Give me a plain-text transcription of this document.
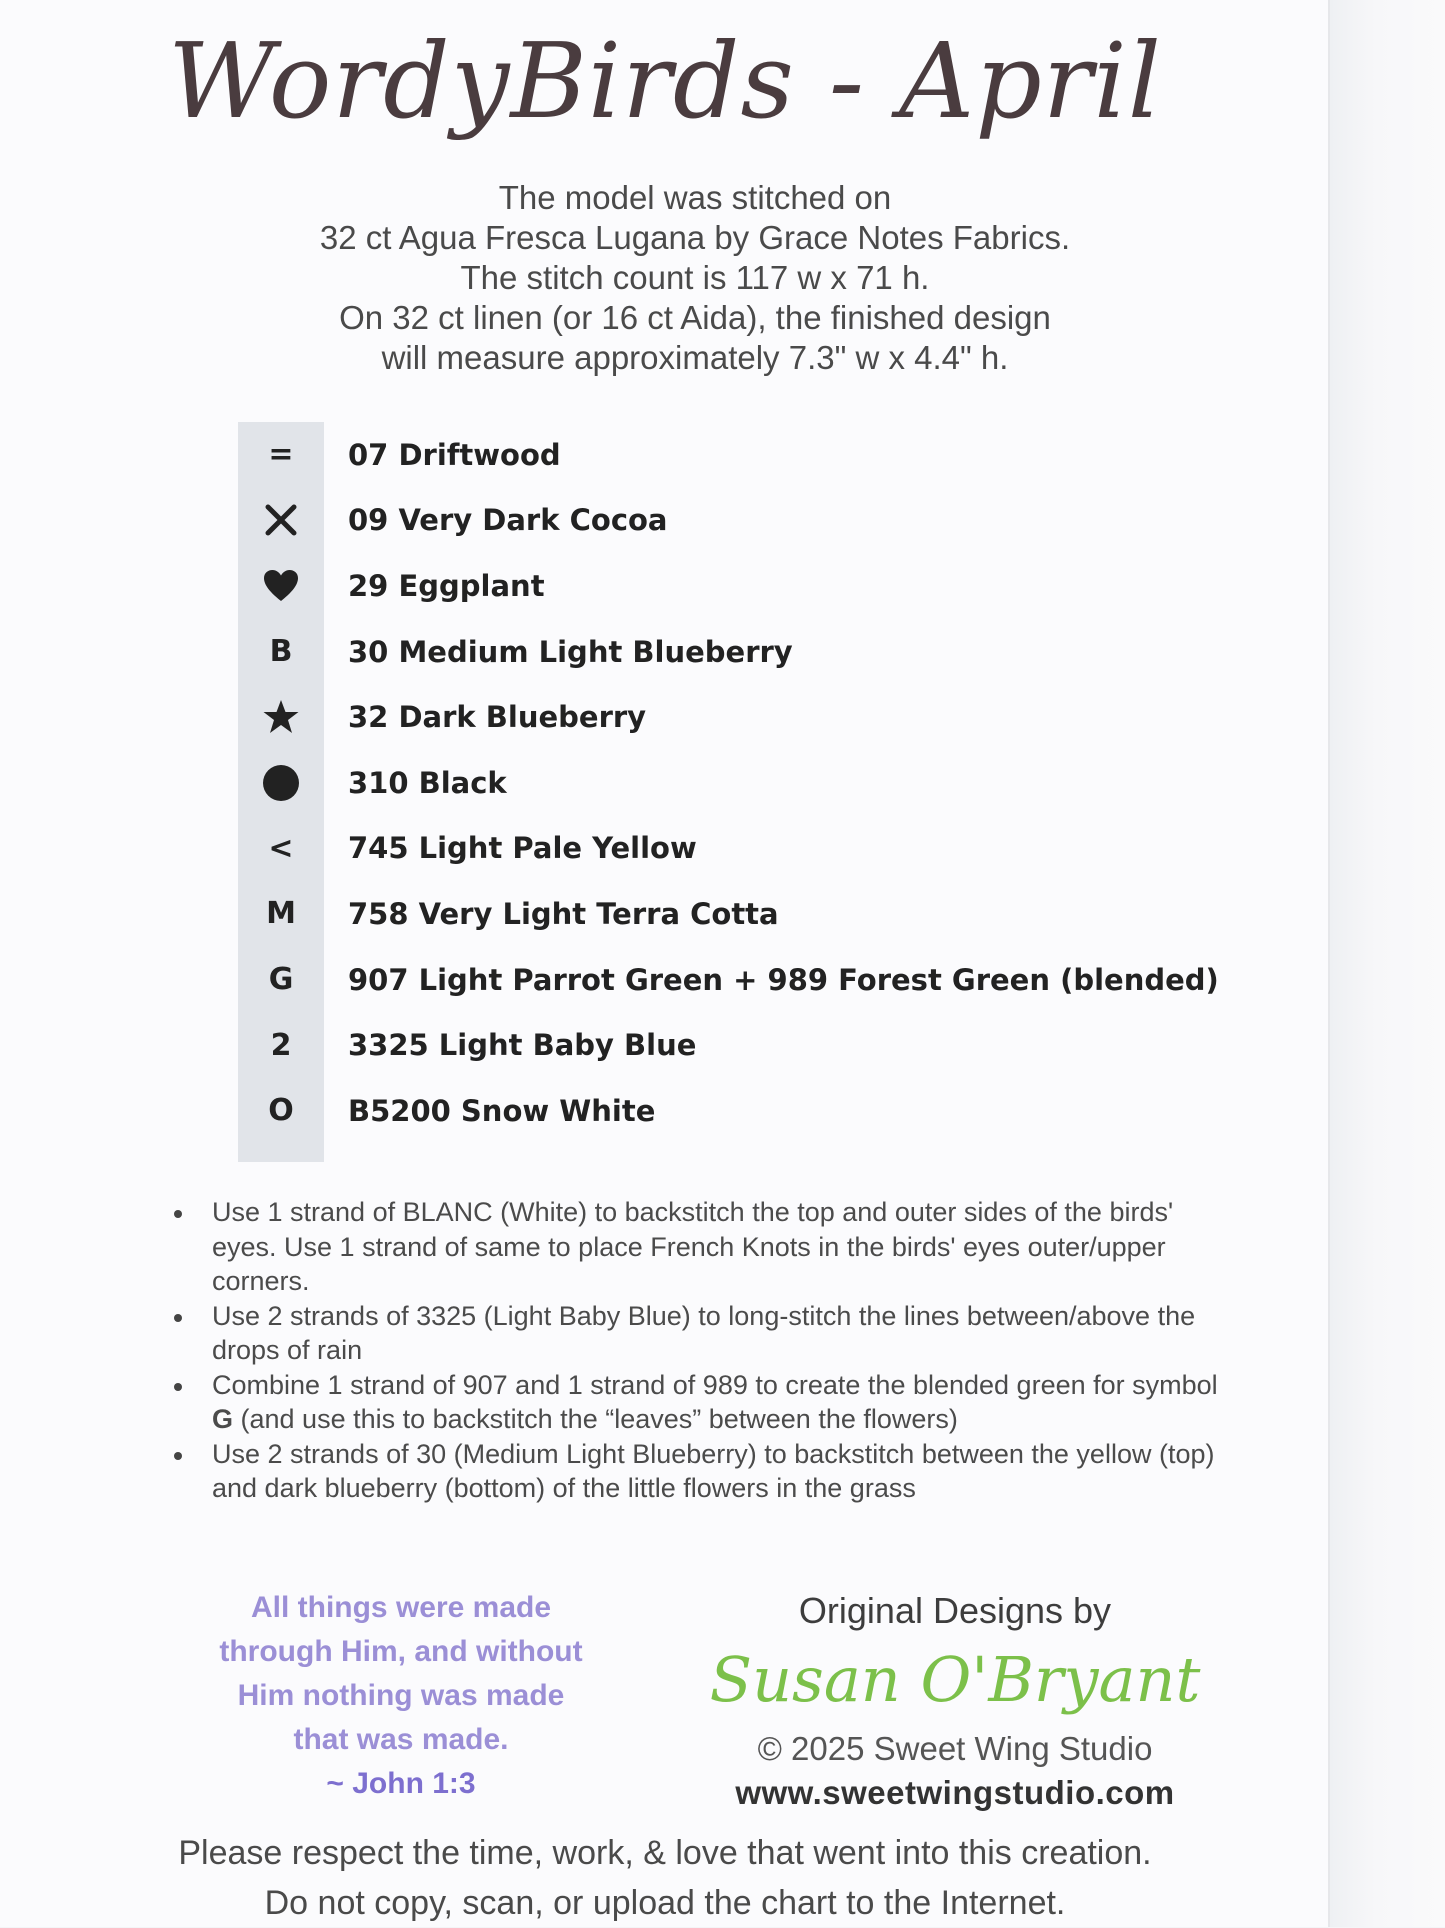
WordyBirds - April
The model was stitched on
32 ct Agua Fresca Lugana by Grace Notes Fabrics.
The stitch count is 117 w x 71 h.
On 32 ct linen (or 16 ct Aida), the finished design
will measure approximately 7.3" w x 4.4" h.
= 07 Driftwood
09 Very Dark Cocoa
29 Eggplant
B 30 Medium Light Blueberry
32 Dark Blueberry
310 Black
< 745 Light Pale Yellow
M 758 Very Light Terra Cotta
G 907 Light Parrot Green + 989 Forest Green (blended)
2 3325 Light Baby Blue
O B5200 Snow White
Use 1 strand of BLANC (White) to backstitch the top and outer sides of the birds' eyes. Use 1 strand of same to place French Knots in the birds' eyes outer/upper corners.
Use 2 strands of 3325 (Light Baby Blue) to long-stitch the lines between/above the drops of rain
Combine 1 strand of 907 and 1 strand of 989 to create the blended green for symbol G (and use this to backstitch the “leaves” between the flowers)
Use 2 strands of 30 (Medium Light Blueberry) to backstitch between the yellow (top) and dark blueberry (bottom) of the little flowers in the grass
All things were made
through Him, and without
Him nothing was made
that was made.
~ John 1:3
Original Designs by
Susan O'Bryant
© 2025 Sweet Wing Studio
www.sweetwingstudio.com
Please respect the time, work, & love that went into this creation.
Do not copy, scan, or upload the chart to the Internet.
